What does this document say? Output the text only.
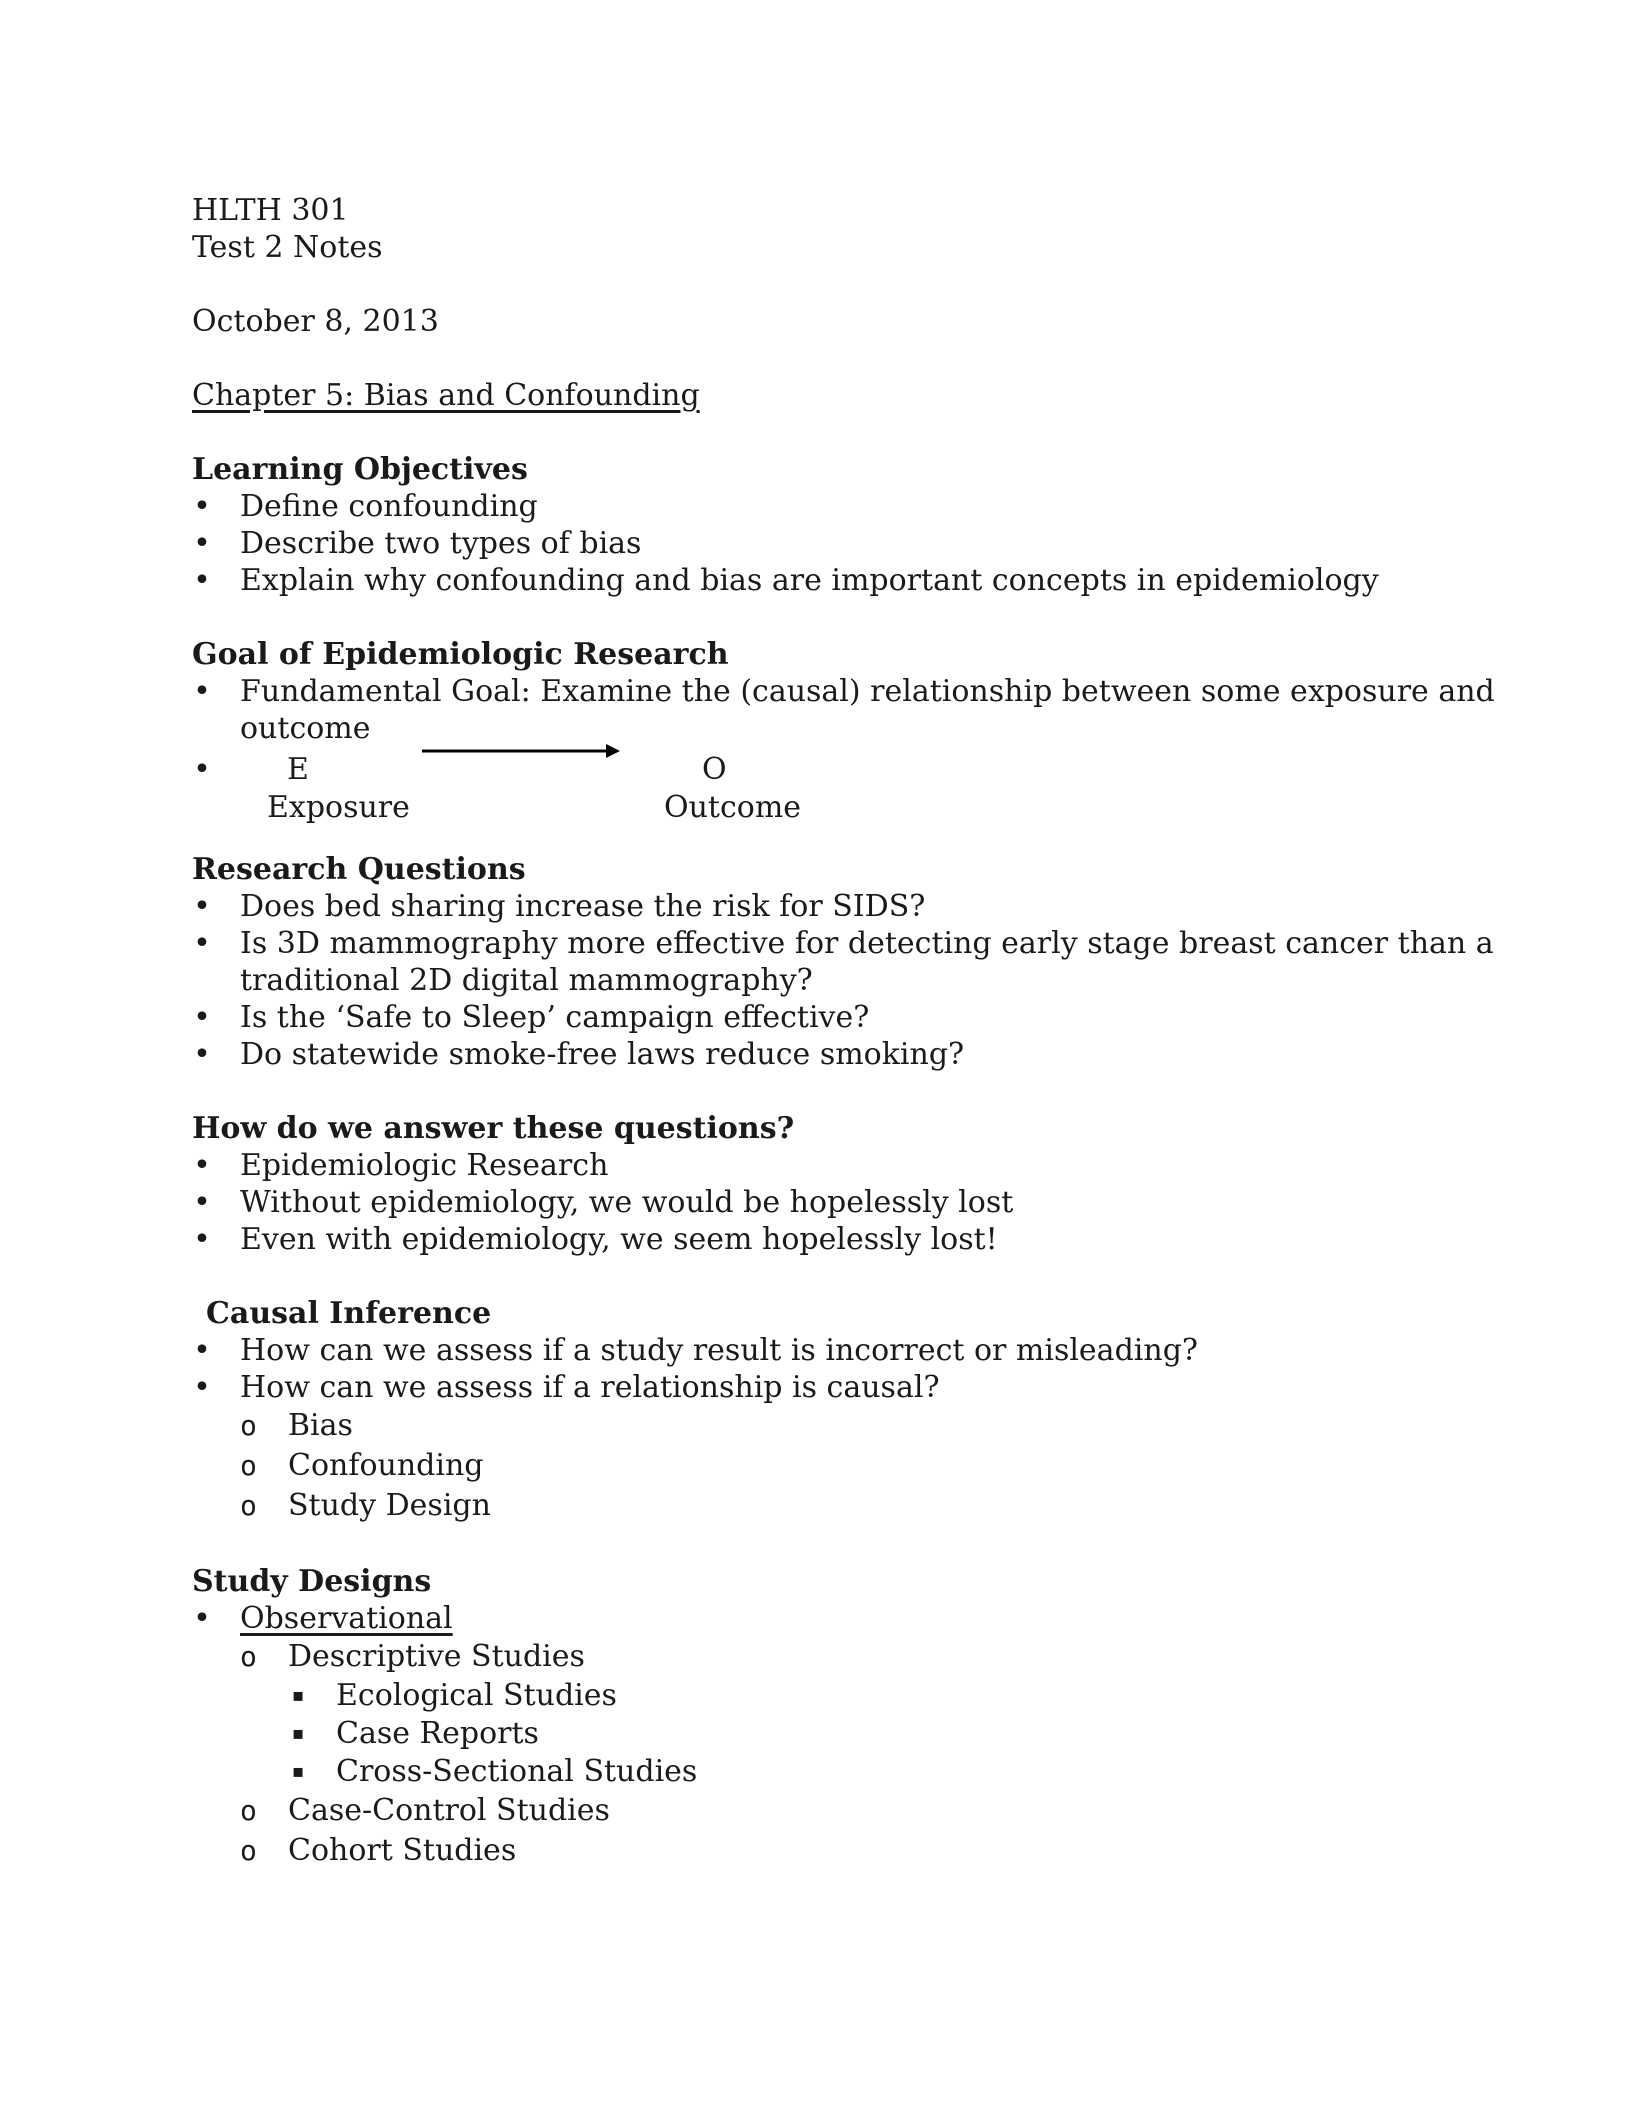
HLTH 301
Test 2 Notes
October 8, 2013
Chapter 5: Bias and Confounding
Learning Objectives
• Define confounding
• Describe two types of bias
• Explain why confounding and bias are important concepts in epidemiology
Goal of Epidemiologic Research
• Fundamental Goal: Examine the (causal) relationship between some exposure and
outcome
•	E
Exposure
O
Outcome
Research Questions
• Does bed sharing increase the risk for SIDS?
• Is 3D mammography more effective for detecting early stage breast cancer than a
traditional 2D digital mammography?
• Is the ‘Safe to Sleep’ campaign effective?
• Do statewide smoke-free laws reduce smoking?
How do we answer these questions?
• Epidemiologic Research
• Without epidemiology, we would be hopelessly lost
• Even with epidemiology, we seem hopelessly lost!
Causal Inference
• How can we assess if a study result is incorrect or misleading?
• How can we assess if a relationship is causal?
o Bias
o Confounding
o Study Design
Study Designs
• Observational
o Descriptive Studies
▪ Ecological Studies
▪ Case Reports
▪ Cross-Sectional Studies
o Case-Control Studies
o Cohort Studies
